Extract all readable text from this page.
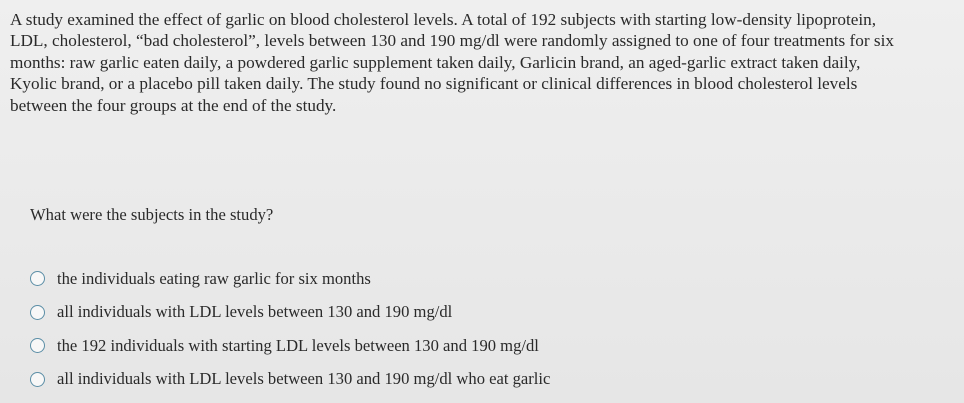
A study examined the effect of garlic on blood cholesterol levels. A total of 192 subjects with starting low-density lipoprotein,
LDL, cholesterol, “bad cholesterol”, levels between 130 and 190 mg/dl were randomly assigned to one of four treatments for six
months: raw garlic eaten daily, a powdered garlic supplement taken daily, Garlicin brand, an aged-garlic extract taken daily,
Kyolic brand, or a placebo pill taken daily. The study found no significant or clinical differences in blood cholesterol levels
between the four groups at the end of the study.
What were the subjects in the study?
the individuals eating raw garlic for six months
all individuals with LDL levels between 130 and 190 mg/dl
the 192 individuals with starting LDL levels between 130 and 190 mg/dl
all individuals with LDL levels between 130 and 190 mg/dl who eat garlic
